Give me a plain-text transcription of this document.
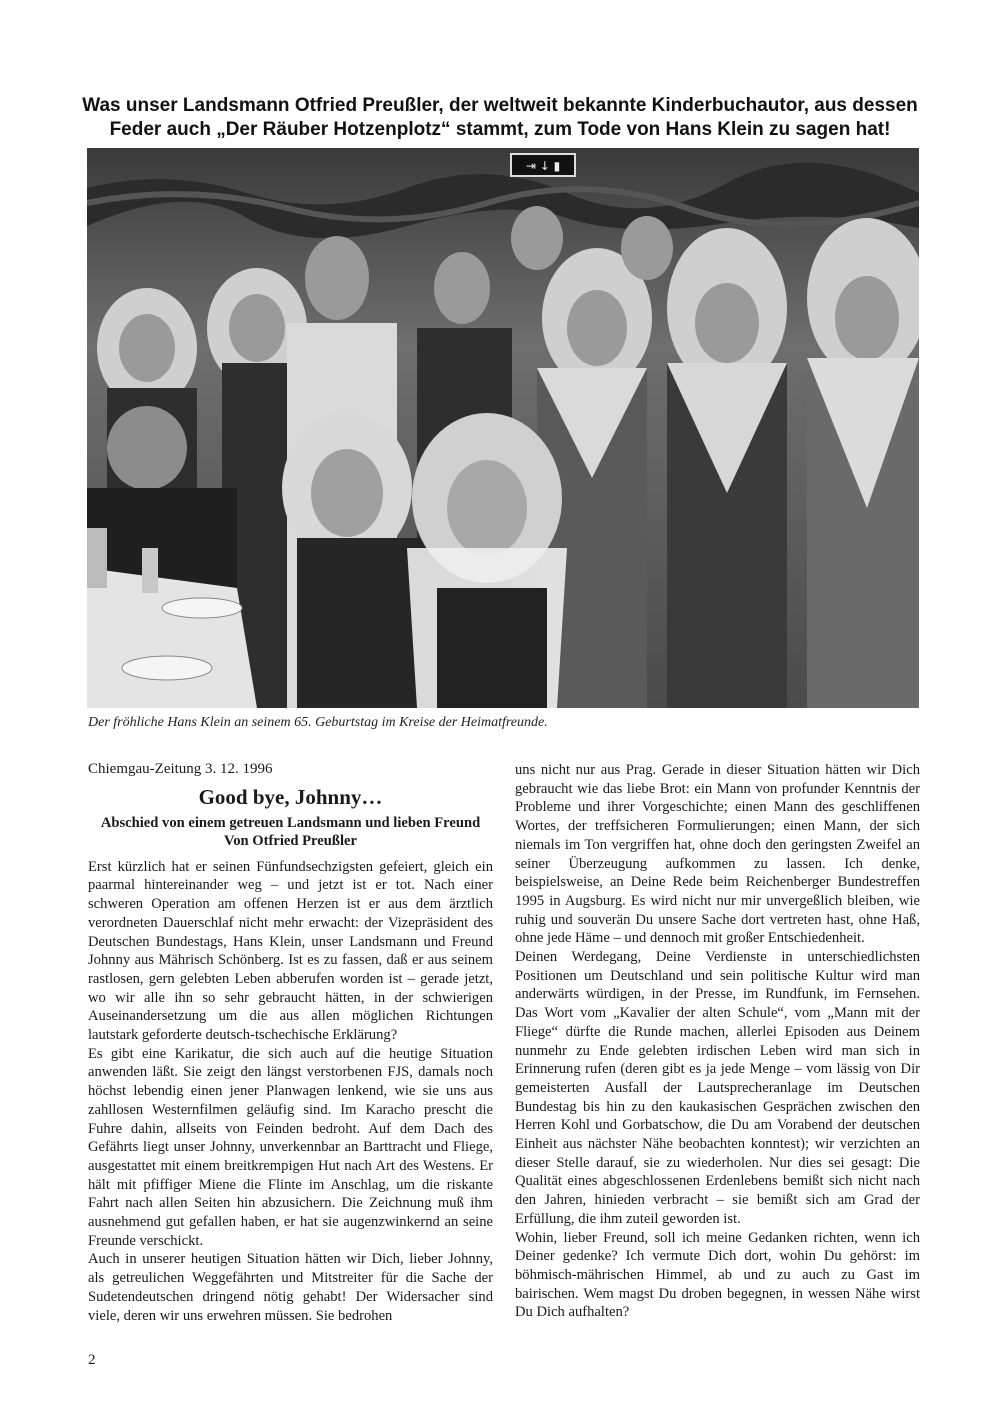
Was unser Landsmann Otfried Preußler, der weltweit bekannte Kinderbuchautor, aus dessen
Feder auch „Der Räuber Hotzenplotz“ stammt, zum Tode von Hans Klein zu sagen hat!
⇥ ↓ ▮
Der fröhliche Hans Klein an seinem 65. Geburtstag im Kreise der Heimatfreunde.

Chiemgau-Zeitung 3. 12. 1996

Good bye, Johnny…

Abschied von einem getreuen Landsmann und lieben Freund
Von Otfried Preußler

Erst kürzlich hat er seinen Fünfundsechzigsten gefeiert, gleich ein paarmal hintereinander weg – und jetzt ist er tot. Nach einer schweren Operation am offenen Herzen ist er aus dem ärztlich verordneten Dauerschlaf nicht mehr erwacht: der Vizepräsident des Deutschen Bundestags, Hans Klein, unser Landsmann und Freund Johnny aus Mährisch Schönberg. Ist es zu fassen, daß er aus seinem rastlosen, gern gelebten Leben abberufen worden ist – gerade jetzt, wo wir alle ihn so sehr gebraucht hätten, in der schwierigen Auseinandersetzung um die aus allen möglichen Richtungen lautstark geforderte deutsch-tschechische Erklärung?

Es gibt eine Karikatur, die sich auch auf die heutige Situation anwenden läßt. Sie zeigt den längst verstorbenen FJS, damals noch höchst lebendig einen jener Planwagen lenkend, wie sie uns aus zahllosen Westernfilmen geläufig sind. Im Karacho prescht die Fuhre dahin, allseits von Feinden bedroht. Auf dem Dach des Gefährts liegt unser Johnny, unverkennbar an Barttracht und Fliege, ausgestattet mit einem breitkrempigen Hut nach Art des Westens. Er hält mit pfiffiger Miene die Flinte im Anschlag, um die riskante Fahrt nach allen Seiten hin abzusichern. Die Zeichnung muß ihm ausnehmend gut gefallen haben, er hat sie augenzwinkernd an seine Freunde verschickt.

Auch in unserer heutigen Situation hätten wir Dich, lieber Johnny, als getreulichen Weggefährten und Mitstreiter für die Sache der Sudetendeutschen dringend nötig gehabt! Der Widersacher sind viele, deren wir uns erwehren müssen. Sie bedrohen

uns nicht nur aus Prag. Gerade in dieser Situation hätten wir Dich gebraucht wie das liebe Brot: ein Mann von profunder Kenntnis der Probleme und ihrer Vorgeschichte; einen Mann des geschliffenen Wortes, der treffsicheren Formulierungen; einen Mann, der sich niemals im Ton vergriffen hat, ohne doch den geringsten Zweifel an seiner Überzeugung aufkommen zu lassen. Ich denke, beispielsweise, an Deine Rede beim Reichenberger Bundestreffen 1995 in Augsburg. Es wird nicht nur mir unvergeßlich bleiben, wie ruhig und souverän Du unsere Sache dort vertreten hast, ohne Haß, ohne jede Häme – und dennoch mit großer Entschiedenheit.

Deinen Werdegang, Deine Verdienste in unterschiedlichsten Positionen um Deutschland und sein politische Kultur wird man anderwärts würdigen, in der Presse, im Rundfunk, im Fernsehen. Das Wort vom „Kavalier der alten Schule“, vom „Mann mit der Fliege“ dürfte die Runde machen, allerlei Episoden aus Deinem nunmehr zu Ende gelebten irdischen Leben wird man sich in Erinnerung rufen (deren gibt es ja jede Menge – vom lässig von Dir gemeisterten Ausfall der Lautsprecheranlage im Deutschen Bundestag bis hin zu den kaukasischen Gesprächen zwischen den Herren Kohl und Gorbatschow, die Du am Vorabend der deutschen Einheit aus nächster Nähe beobachten konntest); wir verzichten an dieser Stelle darauf, sie zu wiederholen. Nur dies sei gesagt: Die Qualität eines abgeschlossenen Erdenlebens bemißt sich nicht nach den Jahren, hinieden verbracht – sie bemißt sich am Grad der Erfüllung, die ihm zuteil geworden ist.

Wohin, lieber Freund, soll ich meine Gedanken richten, wenn ich Deiner gedenke? Ich vermute Dich dort, wohin Du gehörst: im böhmisch-mährischen Himmel, ab und zu auch zu Gast im bairischen. Wem magst Du droben begegnen, in wessen Nähe wirst Du Dich aufhalten?

2
